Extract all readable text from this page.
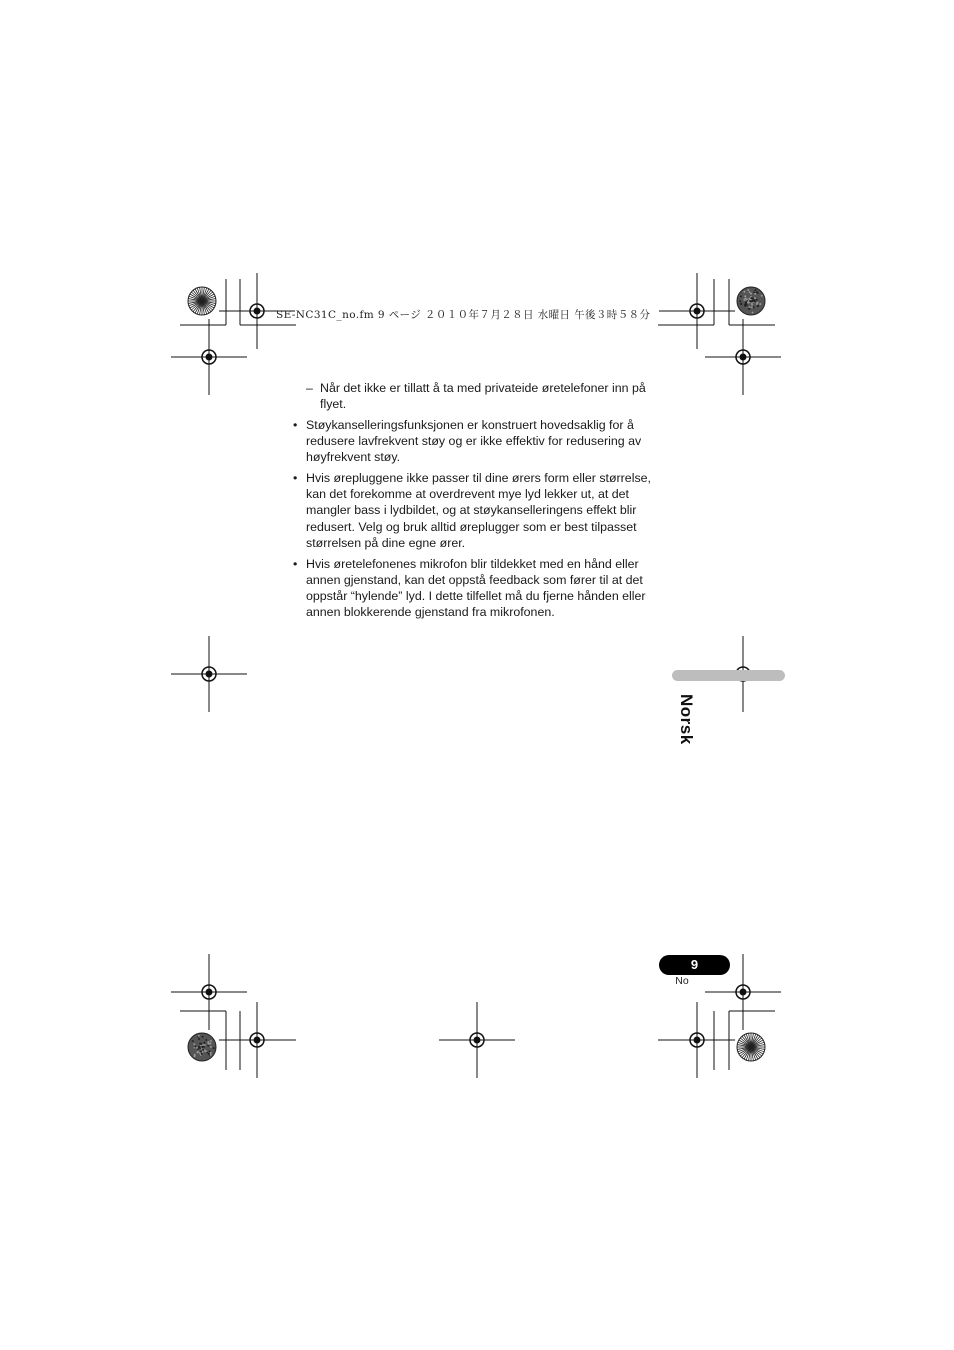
SE-NC31C_no.fm 9 ページ ２０１０年７月２８日 水曜日 午後３時５８分
– Når det ikke er tillatt å ta med privateide øretelefoner inn på flyet.
• Støykanselleringsfunksjonen er konstruert hovedsaklig for å redusere lavfrekvent støy og er ikke effektiv for redusering av høyfrekvent støy.
• Hvis ørepluggene ikke passer til dine ørers form eller størrelse, kan det forekomme at overdrevent mye lyd lekker ut, at det mangler bass i lydbildet, og at støykanselleringens effekt blir redusert. Velg og bruk alltid øreplugger som er best tilpasset størrelsen på dine egne ører.
• Hvis øretelefonenes mikrofon blir tildekket med en hånd eller annen gjenstand, kan det oppstå feedback som fører til at det oppstår “hylende” lyd. I dette tilfellet må du fjerne hånden eller annen blokkerende gjenstand fra mikrofonen.
Norsk
9
No
